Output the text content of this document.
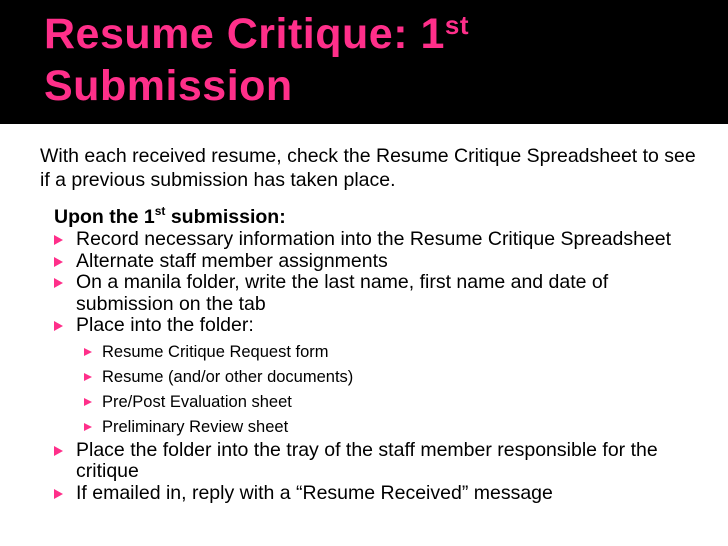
Resume Critique: 1st
Submission
With each received resume, check the Resume Critique Spreadsheet to see if a previous submission has taken place.
Upon the 1st submission:
Record necessary information into the Resume Critique Spreadsheet
Alternate staff member assignments
On a manila folder, write the last name, first name and date of submission on the tab
Place into the folder:
Resume Critique Request form
Resume (and/or other documents)
Pre/Post Evaluation sheet
Preliminary Review sheet
Place the folder into the tray of the staff member responsible for the critique
If emailed in, reply with a “Resume Received” message
